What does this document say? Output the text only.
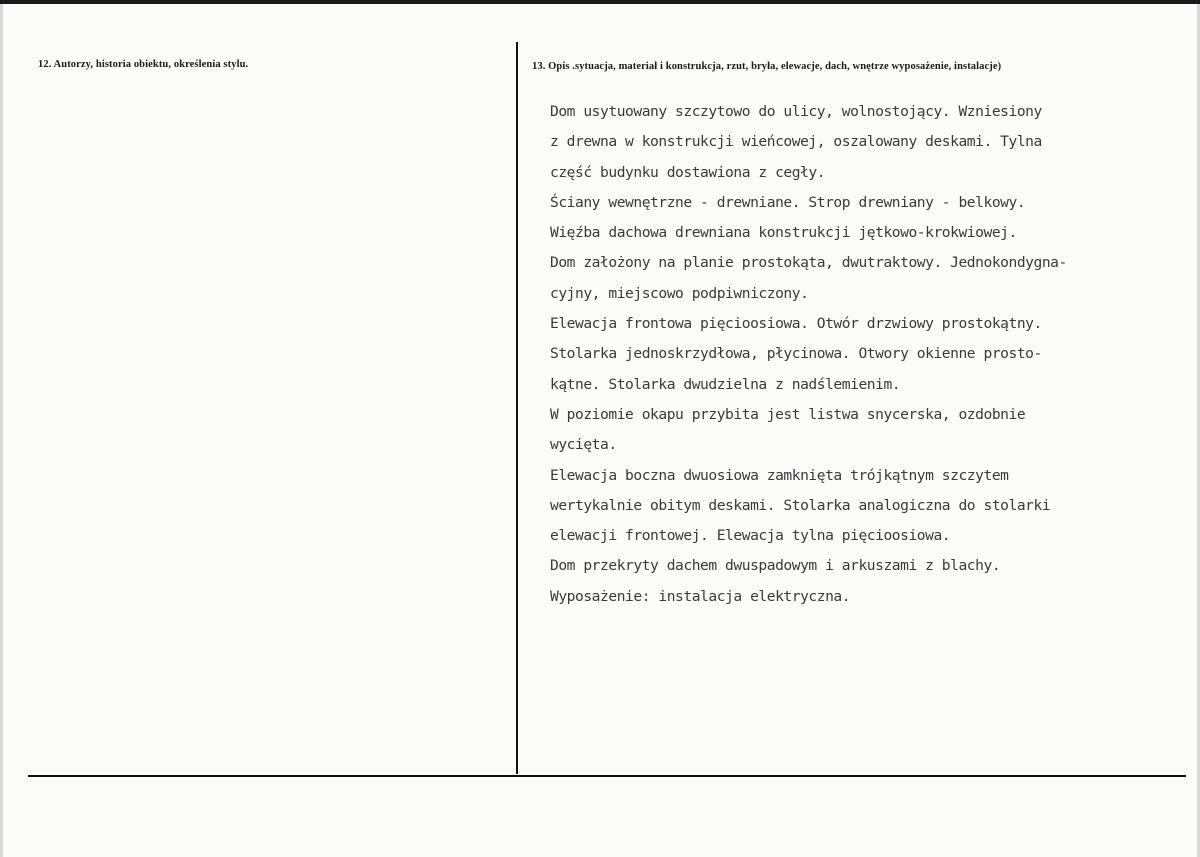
12. Autorzy, historia obiektu, określenia stylu.	13. Opis .sytuacja, materiał i konstrukcja, rzut, bryła, elewacje, dach, wnętrze wyposażenie, instalacje)
Dom usytuowany szczytowo do ulicy, wolnostojący. Wzniesiony
z drewna w konstrukcji wieńcowej, oszalowany deskami. Tylna
część budynku dostawiona z cegły.
Ściany wewnętrzne - drewniane. Strop drewniany - belkowy.
Więźba dachowa drewniana konstrukcji jętkowo-krokwiowej.
Dom założony na planie prostokąta, dwutraktowy. Jednokondygna-
cyjny, miejscowo podpiwniczony.
Elewacja frontowa pięcioosiowa. Otwór drzwiowy prostokątny.
Stolarka jednoskrzydłowa, płycinowa. Otwory okienne prosto-
kątne. Stolarka dwudzielna z nadślemienim.
W poziomie okapu przybita jest listwa snycerska, ozdobnie
wycięta.
Elewacja boczna dwuosiowa zamknięta trójkątnym szczytem
wertykalnie obitym deskami. Stolarka analogiczna do stolarki
elewacji frontowej. Elewacja tylna pięcioosiowa.
Dom przekryty dachem dwuspadowym i arkuszami z blachy.
Wyposażenie: instalacja elektryczna.
